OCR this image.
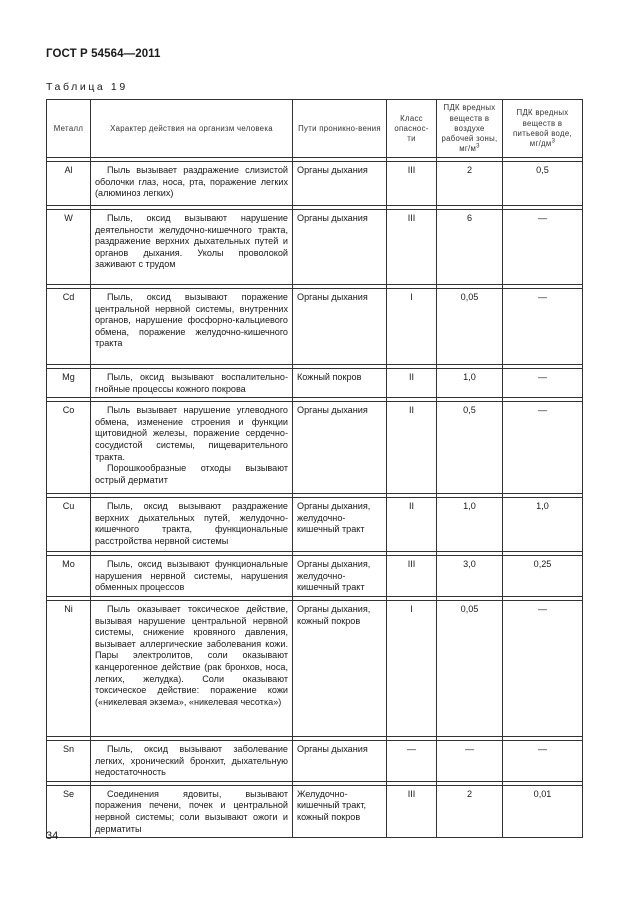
ГОСТ Р 54564—2011
Таблица 19
Металл	Характер действия на организм человека	Пути проникно-вения	Класс опаснос-ти	ПДК вредных веществ в воздухе рабочей зоны, $мг/м^3$	ПДК вредных веществ в питьевой воде, $мг/дм^3$

Al	Пыль вызывает раздражение слизистой оболочки глаз, носа, рта, поражение легких (алюминоз легких)	Органы дыхания	III	2	0,5

W	Пыль, оксид вызывают нарушение деятельности желудочно-кишечного тракта, раздражение верхних дыхательных путей и органов дыхания. Уколы проволокой заживают с трудом	Органы дыхания	III	6	—

Cd	Пыль, оксид вызывают поражение центральной нервной системы, внутренних органов, нарушение фосфорно-кальциевого обмена, поражение желудочно-кишечного тракта	Органы дыхания	I	0,05	—

Mg	Пыль, оксид вызывают воспалительно-гнойные процессы кожного покрова	Кожный покров	II	1,0	—

Co	Пыль вызывает нарушение углеводного обмена, изменение строения и функции щитовидной железы, поражение сердечно-сосудистой системы, пищеварительного тракта.
Порошкообразные отходы вызывают острый дерматит	Органы дыхания	II	0,5	—

Cu	Пыль, оксид вызывают раздражение верхних дыхательных путей, желудочно-кишечного тракта, функциональные расстройства нервной системы	Органы дыхания, желудочно-кишечный тракт	II	1,0	1,0

Mo	Пыль, оксид вызывают функциональные нарушения нервной системы, нарушения обменных процессов	Органы дыхания, желудочно-кишечный тракт	III	3,0	0,25

Ni	Пыль оказывает токсическое действие, вызывая нарушение центральной нервной системы, снижение кровяного давления, вызывает аллергические заболевания кожи. Пары электролитов, соли оказывают канцерогенное действие (рак бронхов, носа, легких, желудка). Соли оказывают токсическое действие: поражение кожи («никелевая экзема», «никелевая чесотка»)	Органы дыхания, кожный покров	I	0,05	—

Sn	Пыль, оксид вызывают заболевание легких, хронический бронхит, дыхательную недостаточность	Органы дыхания	—	—	—

Se	Соединения ядовиты, вызывают поражения печени, почек и центральной нервной системы; соли вызывают ожоги и дерматиты	Желудочно-кишечный тракт, кожный покров	III	2	0,01
34
